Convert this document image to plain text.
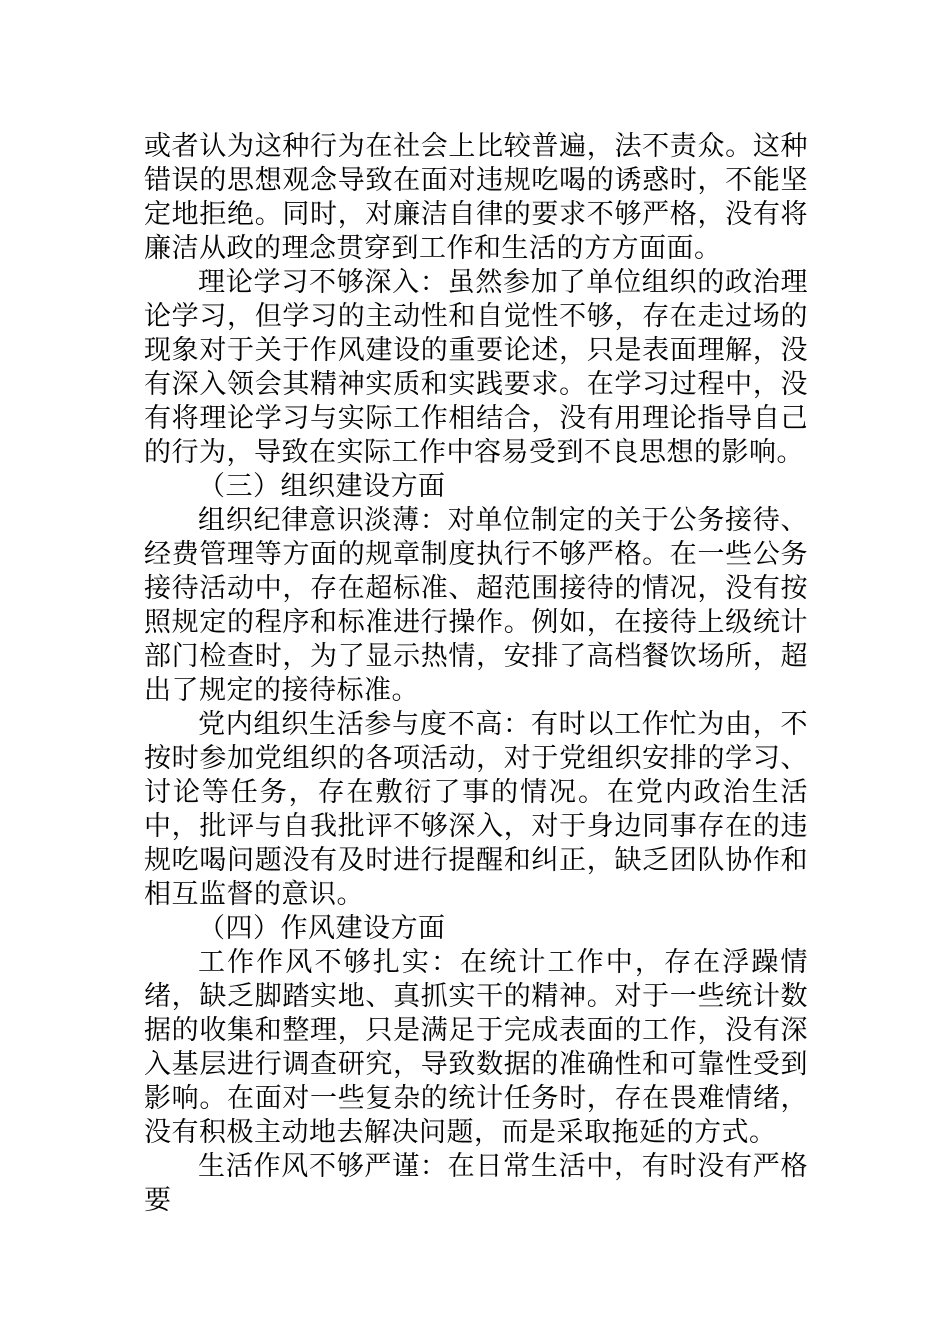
或者认为这种行为在社会上比较普遍，法不责众。这种错误的思想观念导致在面对违规吃喝的诱惑时，不能坚定地拒绝。同时，对廉洁自律的要求不够严格，没有将廉洁从政的理念贯穿到工作和生活的方方面面。

理论学习不够深入：虽然参加了单位组织的政治理论学习，但学习的主动性和自觉性不够，存在走过场的现象对于关于作风建设的重要论述，只是表面理解，没有深入领会其精神实质和实践要求。在学习过程中，没有将理论学习与实际工作相结合，没有用理论指导自己的行为，导致在实际工作中容易受到不良思想的影响。

（三）组织建设方面

组织纪律意识淡薄：对单位制定的关于公务接待、经费管理等方面的规章制度执行不够严格。在一些公务接待活动中，存在超标准、超范围接待的情况，没有按照规定的程序和标准进行操作。例如，在接待上级统计部门检查时，为了显示热情，安排了高档餐饮场所，超出了规定的接待标准。

党内组织生活参与度不高：有时以工作忙为由，不按时参加党组织的各项活动，对于党组织安排的学习、讨论等任务，存在敷衍了事的情况。在党内政治生活中，批评与自我批评不够深入，对于身边同事存在的违规吃喝问题没有及时进行提醒和纠正，缺乏团队协作和相互监督的意识。

（四）作风建设方面

工作作风不够扎实：在统计工作中，存在浮躁情绪，缺乏脚踏实地、真抓实干的精神。对于一些统计数据的收集和整理，只是满足于完成表面的工作，没有深入基层进行调查研究，导致数据的准确性和可靠性受到影响。在面对一些复杂的统计任务时，存在畏难情绪，没有积极主动地去解决问题，而是采取拖延的方式。

生活作风不够严谨：在日常生活中，有时没有严格要
